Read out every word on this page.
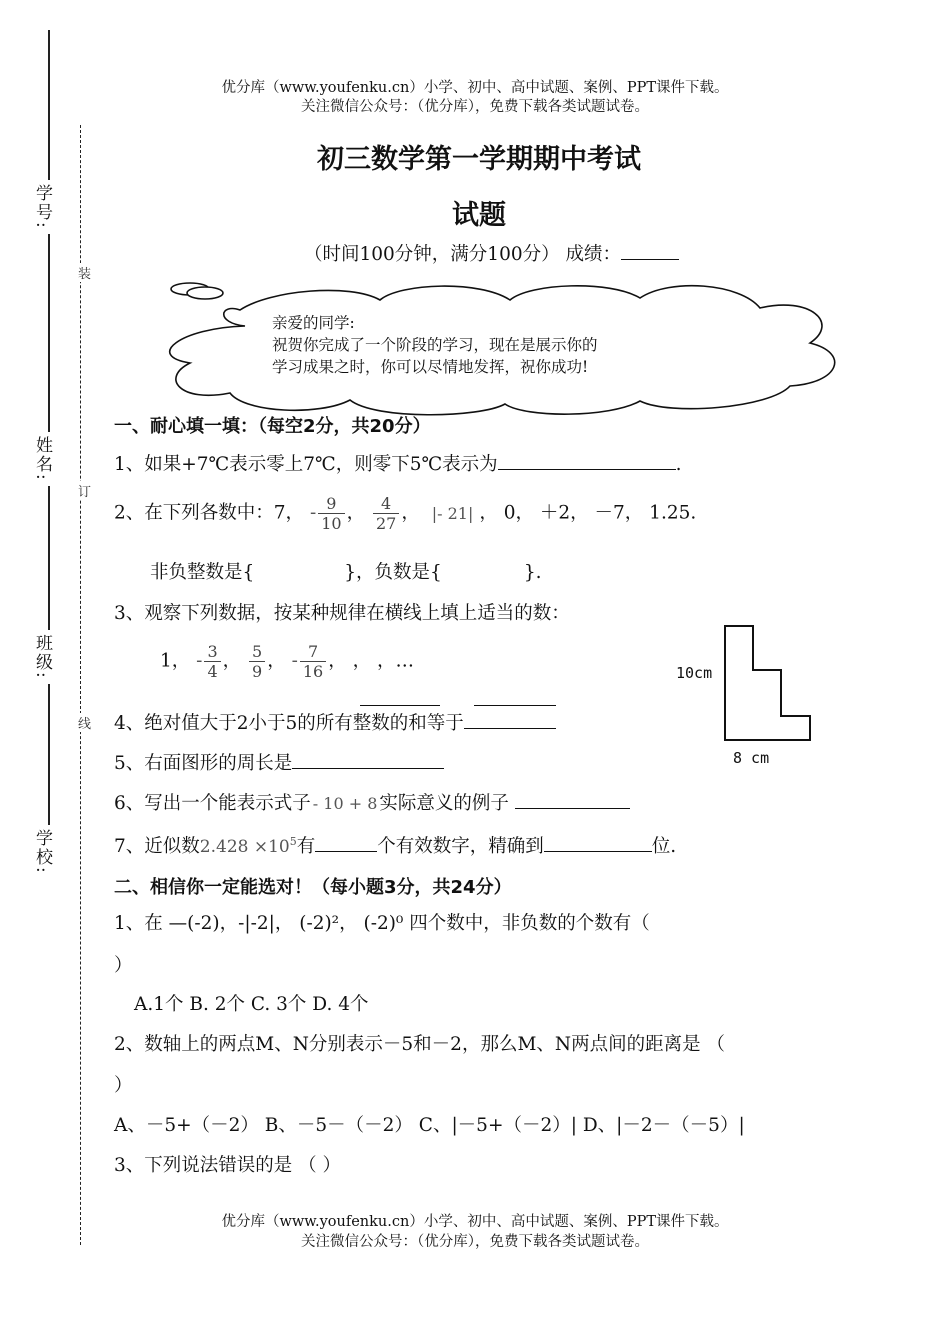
优分库（www.youfenku.cn）小学、初中、高中试题、案例、PPT课件下载。
关注微信公众号：（优分库），免费下载各类试题试卷。
学号:
姓名:
班级:
学校:
装
订
线
初三数学第一学期期中考试
试题
（时间100分钟，满分100分） 成绩：
亲爱的同学:
祝贺你完成了一个阶段的学习，现在是展示你的
学习成果之时，你可以尽情地发挥，祝你成功!
一、耐心填一填：（每空2分，共20分）
1、如果+7℃表示零上7℃，则零下5℃表示为	.
2、在下列各数中：7， - $\frac{9}{10}$ ， $\frac{4}{27}$ ， |- 21| ， 0， ＋2， －7， 1.25.
非负整数是{	}，负数是{	}.
3、观察下列数据，按某种规律在横线上填上适当的数：
1， - $\frac{3}{4}$ ， $\frac{5}{9}$ ， - $\frac{7}{16}$ ， ， ，…
4、绝对值大于2小于5的所有整数的和等于
5、右面图形的周长是
6、写出一个能表示式子 - 10 + 8 实际意义的例子
7、近似数$2.428 \times 10^5$有	个有效数字，精确到	位.
10cm
8 cm
二、相信你一定能选对！（每小题3分，共24分）
1、在 —(-2)，-|-2|， (-2)²， (-2)⁰ 四个数中，非负数的个数有（
）
A.1个 B. 2个 C. 3个 D. 4个
2、数轴上的两点M、N分别表示－5和－2，那么M、N两点间的距离是 （
）
A、－5+（－2） B、－5－（－2） C、|－5+（－2）| D、|－2－（－5）|
3、下列说法错误的是 （ ）
优分库（www.youfenku.cn）小学、初中、高中试题、案例、PPT课件下载。
关注微信公众号：（优分库），免费下载各类试题试卷。
